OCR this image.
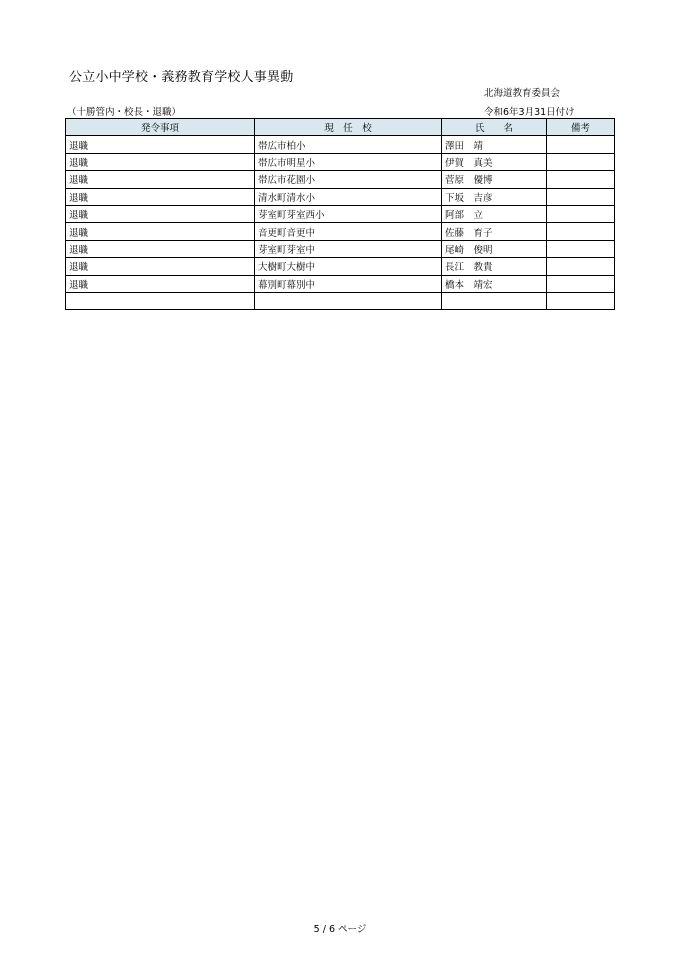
公立小中学校・義務教育学校人事異動
北海道教育委員会
（十勝管内・校長・退職）	令和6年3月31日付け
発令事項	現　任　校	氏　　名	備考
退職	帯広市柏小	澤田　靖	
退職	帯広市明星小	伊賀　真美	
退職	帯広市花園小	菅原　優博	
退職	清水町清水小	下坂　吉彦	
退職	芽室町芽室西小	阿部　立	
退職	音更町音更中	佐藤　育子	
退職	芽室町芽室中	尾崎　俊明	
退職	大樹町大樹中	長江　教貴	
退職	幕別町幕別中	橋本　靖宏	

5 / 6 ページ
